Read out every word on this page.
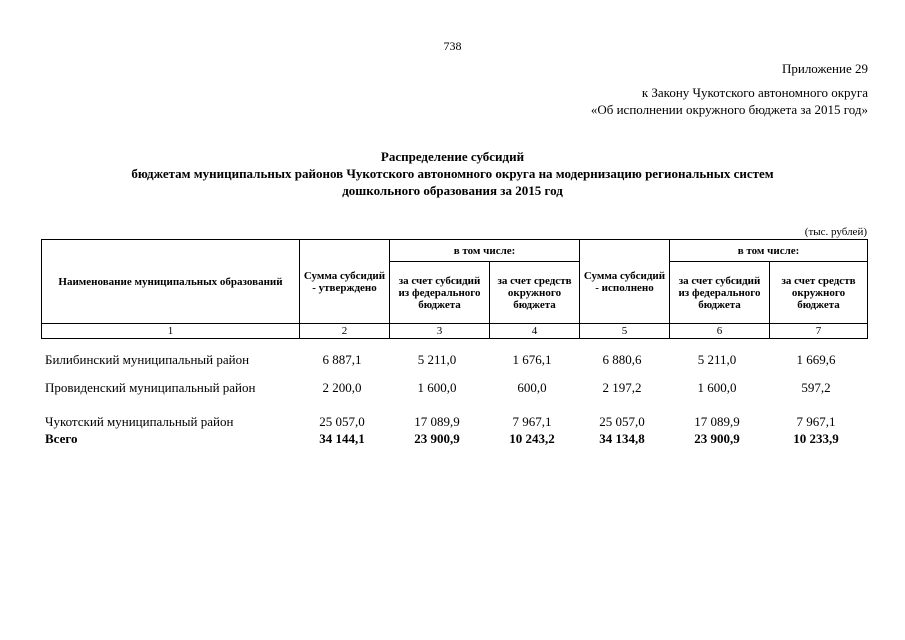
738
Приложение 29
к Закону Чукотского автономного округа
«Об исполнении окружного бюджета за 2015 год»
Распределение субсидий
бюджетам муниципальных районов Чукотского автономного округа на модернизацию региональных систем
дошкольного образования за 2015 год
(тыс. рублей)
Наименование муниципальных образований	Сумма субсидий - утверждено	в том числе:		Сумма субсидий - исполнено	в том числе:	
		за счет субсидий из федерального бюджета	за счет средств окружного бюджета		за счет субсидий из федерального бюджета	за счет средств окружного бюджета
1	2	3	4	5	6	7
Билибинский муниципальный район	6 887,1	5 211,0	1 676,1	6 880,6	5 211,0	1 669,6
Провиденский муниципальный район	2 200,0	1 600,0	600,0	2 197,2	1 600,0	597,2
Чукотский муниципальный район	25 057,0	17 089,9	7 967,1	25 057,0	17 089,9	7 967,1
Всего	34 144,1	23 900,9	10 243,2	34 134,8	23 900,9	10 233,9
